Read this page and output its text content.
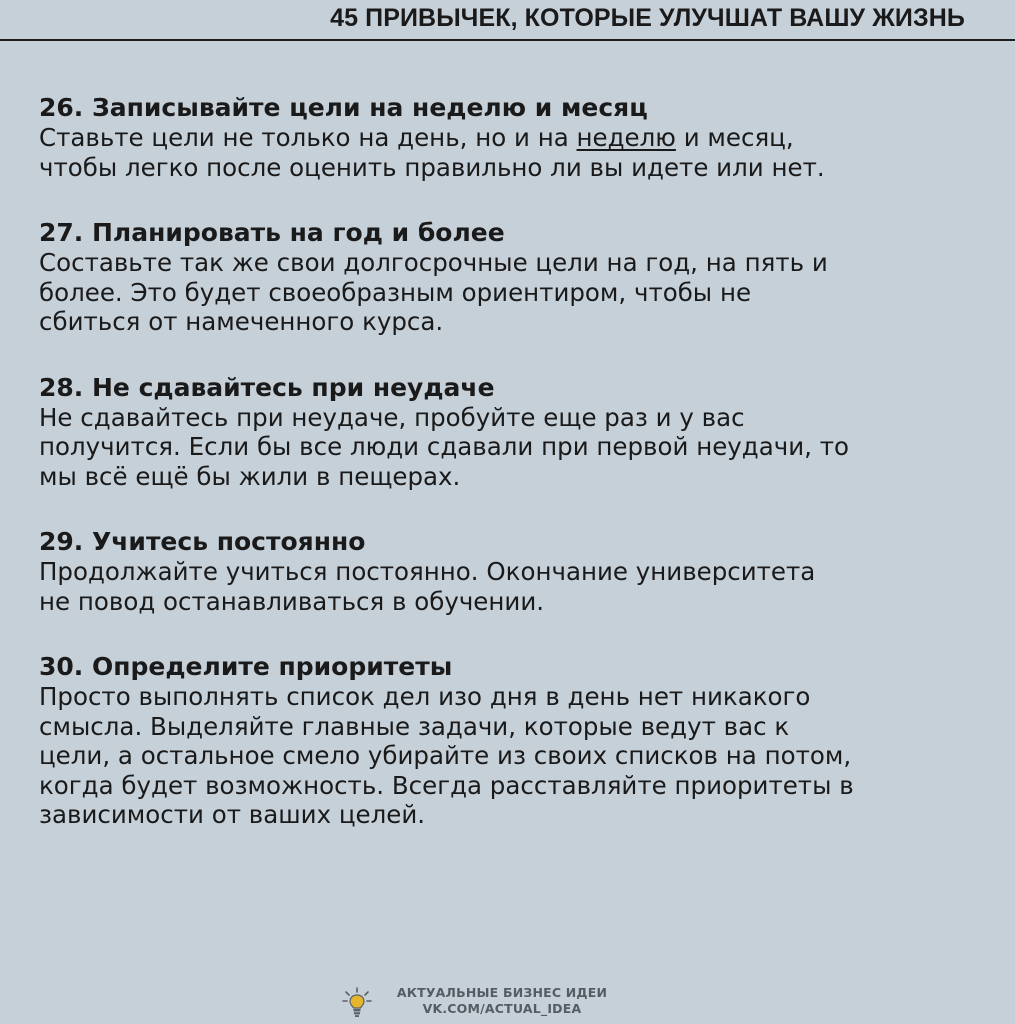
45 ПРИВЫЧЕК, КОТОРЫЕ УЛУЧШАТ ВАШУ ЖИЗНЬ
26. Записывайте цели на неделю и месяц
Ставьте цели не только на день, но и на неделю и месяц,
чтобы легко после оценить правильно ли вы идете или нет.
27. Планировать на год и более
Составьте так же свои долгосрочные цели на год, на пять и
более. Это будет своеобразным ориентиром, чтобы не
сбиться от намеченного курса.
28. Не сдавайтесь при неудаче
Не сдавайтесь при неудаче, пробуйте еще раз и у вас
получится. Если бы все люди сдавали при первой неудачи, то
мы всё ещё бы жили в пещерах.
29. Учитесь постоянно
Продолжайте учиться постоянно. Окончание университета
не повод останавливаться в обучении.
30. Определите приоритеты
Просто выполнять список дел изо дня в день нет никакого
смысла. Выделяйте главные задачи, которые ведут вас к
цели, а остальное смело убирайте из своих списков на потом,
когда будет возможность. Всегда расставляйте приоритеты в
зависимости от ваших целей.
АКТУАЛЬНЫЕ БИЗНЕС ИДЕИ
VK.COM/ACTUAL_IDEA
